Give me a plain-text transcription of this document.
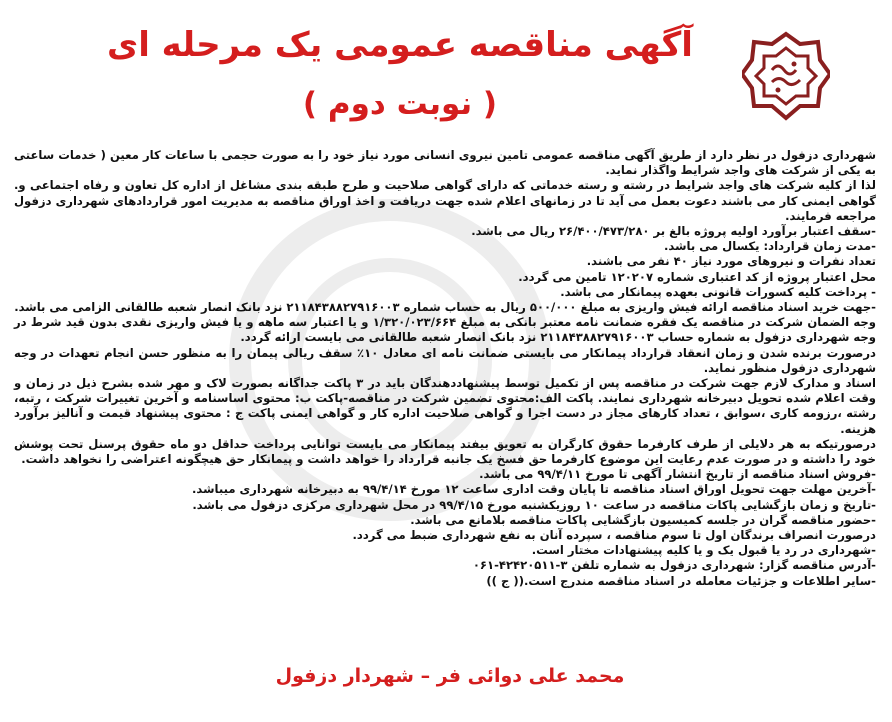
آگهی مناقصه عمومی یک مرحله ای
( نوبت دوم )

شهرداری دزفول در نظر دارد از طریق آگهی مناقصه عمومی تامین نیروی انسانی مورد نیاز خود را به صورت حجمی با ساعات کار معین ( خدمات ساعتی به یکی از شرکت های واجد شرایط واگذار نماید.

لذا از کلیه شرکت های واجد شرایط در رشته و رسته خدماتی که دارای گواهی صلاحیت و طرح طبقه بندی مشاغل از اداره کل تعاون و رفاه اجتماعی و. گواهی ایمنی کار می باشند دعوت بعمل می آید تا در زمانهای اعلام شده جهت دریافت و اخذ اوراق مناقصه به مدیریت امور قراردادهای شهرداری دزفول مراجعه فرمایند.

-سقف اعتبار برآورد اولیه پروژه بالغ بر ۲۶/۴۰۰/۴۷۳/۲۸۰ ریال می باشد.

-مدت زمان قرارداد: یکسال می باشد.

تعداد نفرات و نیروهای مورد نیاز ۴۰ نفر می باشند.

محل اعتبار پروژه از کد اعتباری شماره ۱۲۰۲۰۷ تامین می گردد.

- پرداخت کلیه کسورات قانونی بعهده پیمانکار می باشد.

-جهت خرید اسناد مناقصه ارائه فیش واریزی به مبلغ ۵۰۰/۰۰۰ ریال به حساب شماره ۲۱۱۸۴۳۸۸۲۷۹۱۶۰۰۳ نزد بانک انصار شعبه طالقانی الزامی می باشد.

وجه الضمان شرکت در مناقصه یک فقره ضمانت نامه معتبر بانکی به مبلغ ۱/۳۲۰/۰۲۳/۶۶۴ و یا اعتبار سه ماهه و یا فیش واریزی نقدی بدون قید شرط در وجه شهرداری دزفول به شماره حساب ۲۱۱۸۴۳۸۸۲۷۹۱۶۰۰۳ نزد بانک انصار شعبه طالقانی می بایست ارائه گردد.

درصورت برنده شدن و زمان انعقاد قرارداد پیمانکار می بایستی ضمانت نامه ای معادل ۱۰٪ سقف ریالی پیمان را به منظور حسن انجام تعهدات در وجه شهرداری دزفول منظور نماید.

اسناد و مدارک لازم جهت شرکت در مناقصه پس از تکمیل توسط پیشنهاددهندگان باید در ۳ پاکت جداگانه بصورت لاک و مهر شده بشرح ذیل در زمان و وقت اعلام شده تحویل دبیرخانه شهرداری نمایند. پاکت الف:محتوی تضمین شرکت در مناقصه-پاکت ب: محتوی اساسنامه و آخرین تغییرات شرکت ، رتبه، رشته ،رزومه کاری ،سوابق ، تعداد کارهای مجاز در دست اجرا و گواهی صلاحیت اداره کار و گواهی ایمنی پاکت ج : محتوی پیشنهاد قیمت و آنالیز برآورد هزینه.

درصورتیکه به هر دلایلی از طرف کارفرما حقوق کارگران به تعویق بیفتد پیمانکار می بایست توانایی پرداخت حداقل دو ماه حقوق پرسنل تحت پوشش خود را داشته و در صورت عدم رعایت این موضوع کارفرما حق فسخ یک جانبه قرارداد را خواهد داشت و پیمانکار حق هیچگونه اعتراضی را نخواهد داشت.

-فروش اسناد مناقصه از تاریخ انتشار آگهی تا مورخ ۹۹/۴/۱۱ می باشد.

-آخرین مهلت جهت تحویل اوراق اسناد مناقصه تا پایان وقت اداری ساعت ۱۲ مورخ ۹۹/۴/۱۴ به دبیرخانه شهرداری میباشد.

-تاریخ و زمان بازگشایی پاکات مناقصه در ساعت ۱۰ روزیکشنبه مورخ ۹۹/۴/۱۵ در محل شهرداری مرکزی دزفول می باشد.

-حضور مناقصه گران در جلسه کمیسیون بازگشایی پاکات مناقصه بلامانع می باشد.

درصورت انصراف برندگان اول تا سوم مناقصه ، سپرده آنان به نفع شهرداری ضبط می گردد.

-شهرداری در رد یا قبول یک و یا کلیه پیشنهادات مختار است.

-آدرس مناقصه گزار: شهرداری دزفول به شماره تلفن ۳-۴۲۴۲۰۵۱۱-۰۶۱

-سایر اطلاعات و جزئیات معامله در اسناد مناقصه مندرج است.(( ج ))

محمد علی دوائی فر – شهردار دزفول
